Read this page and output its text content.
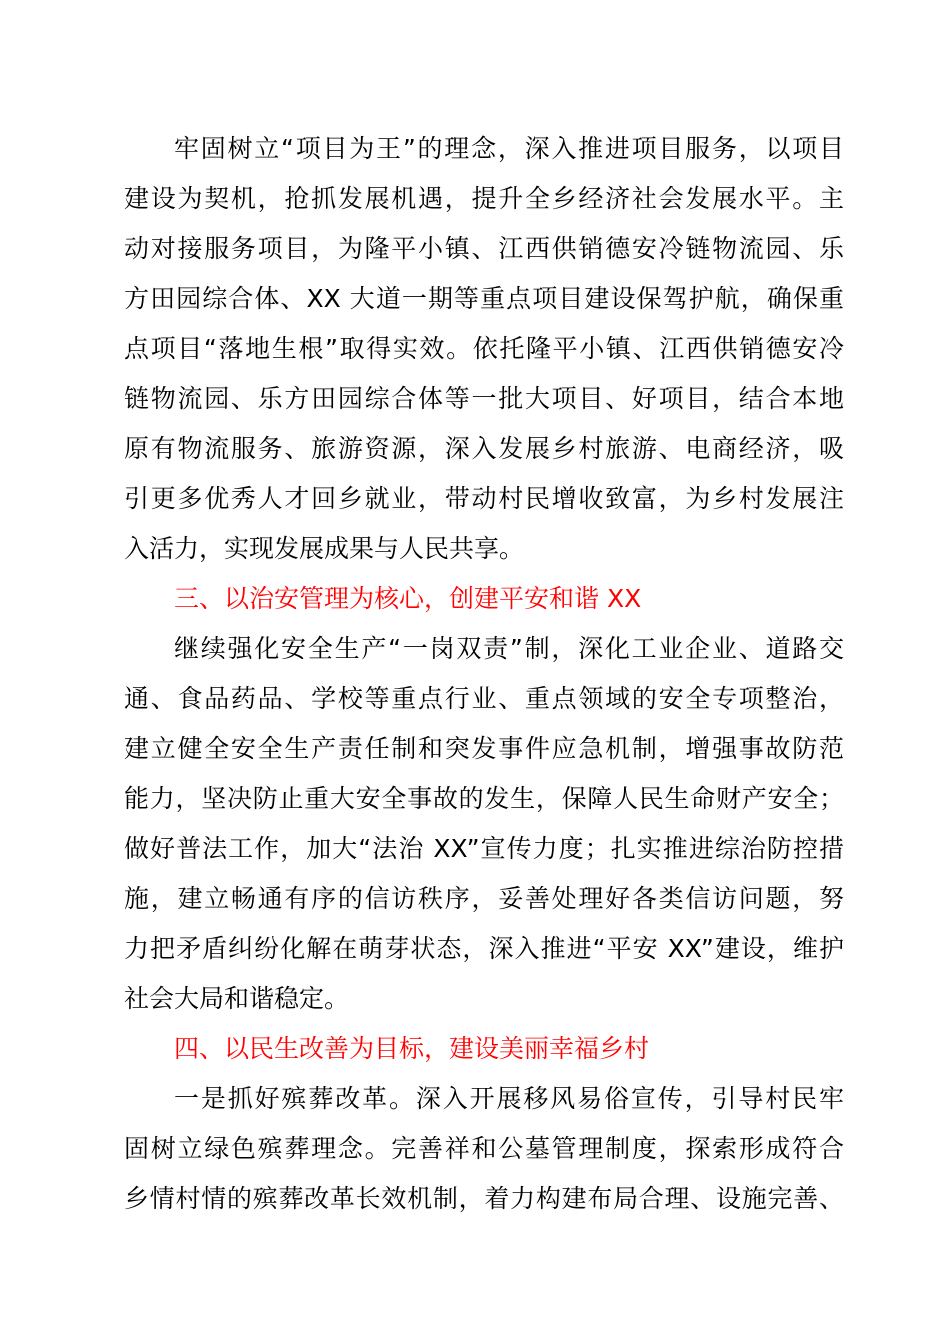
牢固树立“项目为王”的理念，深入推进项目服务，以项目
建设为契机，抢抓发展机遇，提升全乡经济社会发展水平。主
动对接服务项目，为隆平小镇、江西供销德安冷链物流园、乐
方田园综合体、XX 大道一期等重点项目建设保驾护航，确保重
点项目“落地生根”取得实效。依托隆平小镇、江西供销德安冷
链物流园、乐方田园综合体等一批大项目、好项目，结合本地
原有物流服务、旅游资源，深入发展乡村旅游、电商经济，吸
引更多优秀人才回乡就业，带动村民增收致富，为乡村发展注
入活力，实现发展成果与人民共享。
三、以治安管理为核心，创建平安和谐 XX
继续强化安全生产“一岗双责”制，深化工业企业、道路交
通、食品药品、学校等重点行业、重点领域的安全专项整治，
建立健全安全生产责任制和突发事件应急机制，增强事故防范
能力，坚决防止重大安全事故的发生，保障人民生命财产安全；
做好普法工作，加大“法治 XX”宣传力度；扎实推进综治防控措
施，建立畅通有序的信访秩序，妥善处理好各类信访问题，努
力把矛盾纠纷化解在萌芽状态，深入推进“平安 XX”建设，维护
社会大局和谐稳定。
四、以民生改善为目标，建设美丽幸福乡村
一是抓好殡葬改革。深入开展移风易俗宣传，引导村民牢
固树立绿色殡葬理念。完善祥和公墓管理制度，探索形成符合
乡情村情的殡葬改革长效机制，着力构建布局合理、设施完善、
